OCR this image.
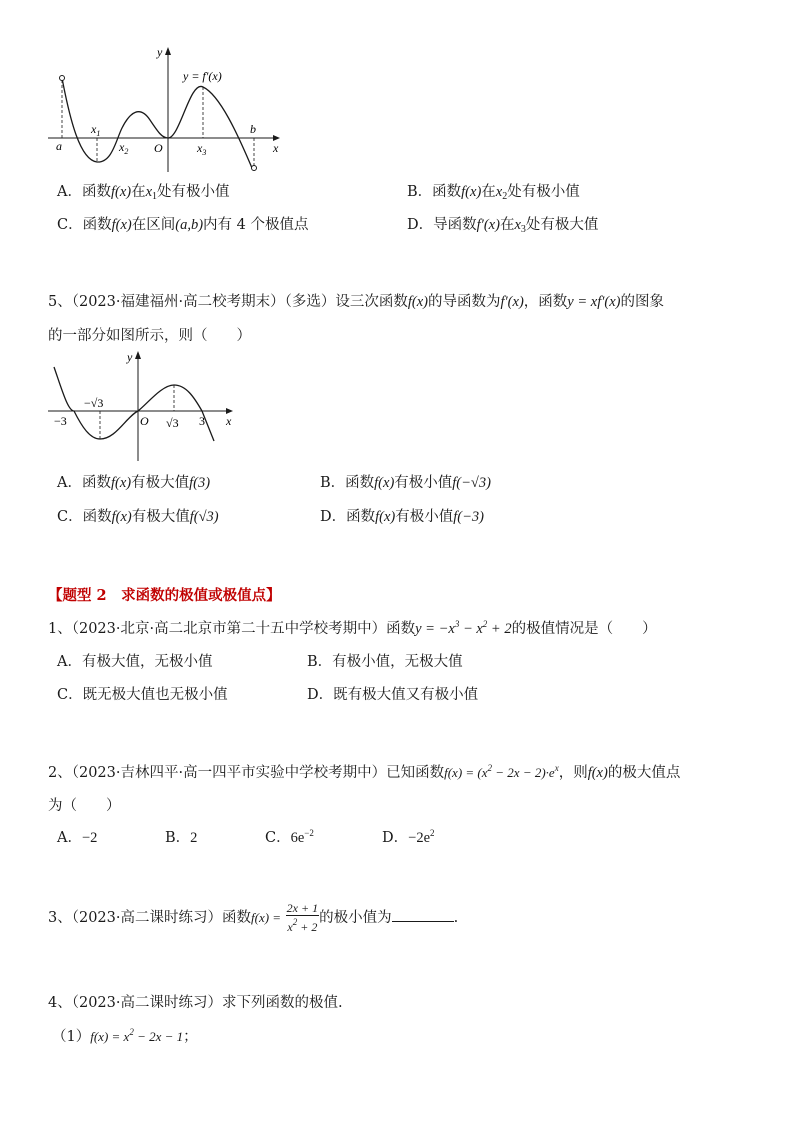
y
x
y = f′(x)
a
$x_1$
$x_2$ O	$x_3$
b
A．函数f(x)在$x_1$处有极小值	B．函数f(x)在$x_2$处有极小值
C．函数f(x)在区间(a,b)内有 4 个极值点	D．导函数f′(x)在$x_3$处有极大值
5、（2023·福建福州·高二校考期末）（多选）设三次函数f(x)的导函数为f′(x)，函数y = xf′(x)的图象
的一部分如图所示，则（　　）
y
x
−3
−√3
O √3 3
A．函数f(x)有极大值f(3)	B．函数f(x)有极小值f(−√3)
C．函数f(x)有极大值f(√3)	D．函数f(x)有极小值f(−3)
【题型 2　求函数的极值或极值点】
1、（2023·北京·高二北京市第二十五中学校考期中）函数$y = -x^3 - x^2 + 2$的极值情况是（　　）
A．有极大值，无极小值	B．有极小值，无极大值
C．既无极大值也无极小值	D．既有极大值又有极小值
2、（2023·吉林四平·高一四平市实验中学校考期中）已知函数$f(x) = (x^2 - 2x - 2)\cdot e^x$，则f(x)的极大值点
为（　　）
A．−2	B．2	C．$6e^{-2}$	D．$-2e^2$
3、（2023·高二课时练习）函数$f(x) = \frac{2x + 1}{x^2 + 2}$ 的极小值为	.
4、（2023·高二课时练习）求下列函数的极值.
$(1)f(x) = x^2 - 2x - 1$；
